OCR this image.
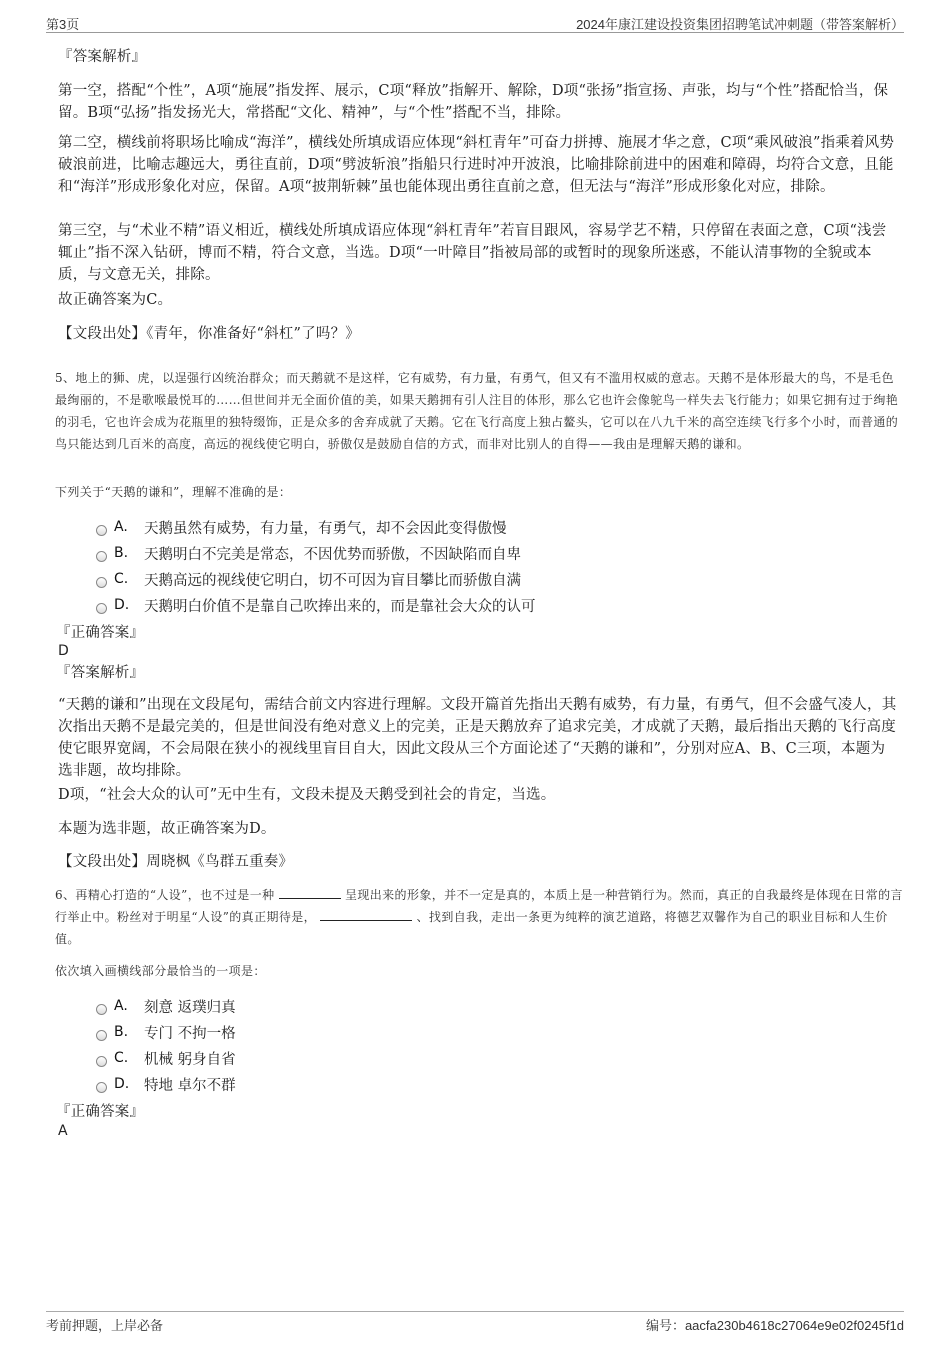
第3页	2024年康江建设投资集团招聘笔试冲刺题（带答案解析）
『答案解析』
第一空，搭配“个性”，A项“施展”指发挥、展示，C项“释放”指解开、解除，D项“张扬”指宣扬、声张，均与“个性”搭配恰当，保留。B项“弘扬”指发扬光大，常搭配“文化、精神”，与“个性”搭配不当，排除。
第二空，横线前将职场比喻成“海洋”，横线处所填成语应体现“斜杠青年”可奋力拼搏、施展才华之意，C项“乘风破浪”指乘着风势破浪前进，比喻志趣远大，勇往直前，D项“劈波斩浪”指船只行进时冲开波浪，比喻排除前进中的困难和障碍，均符合文意，且能和“海洋”形成形象化对应，保留。A项“披荆斩棘”虽也能体现出勇往直前之意，但无法与“海洋”形成形象化对应，排除。
第三空，与“术业不精”语义相近，横线处所填成语应体现“斜杠青年”若盲目跟风，容易学艺不精，只停留在表面之意，C项“浅尝辄止”指不深入钻研，博而不精，符合文意，当选。D项“一叶障目”指被局部的或暂时的现象所迷惑，不能认清事物的全貌或本质，与文意无关，排除。
故正确答案为C。
【文段出处】《青年，你准备好“斜杠”了吗？》
5、地上的狮、虎，以逞强行凶统治群众；而天鹅就不是这样，它有威势，有力量，有勇气，但又有不滥用权威的意志。天鹅不是体形最大的鸟，不是毛色最绚丽的，不是歌喉最悦耳的……但世间并无全面价值的美，如果天鹅拥有引人注目的体形，那么它也许会像鸵鸟一样失去飞行能力；如果它拥有过于绚艳的羽毛，它也许会成为花瓶里的独特缀饰，正是众多的舍弃成就了天鹅。它在飞行高度上独占鳌头，它可以在八九千米的高空连续飞行多个小时，而普通的鸟只能达到几百米的高度，高远的视线使它明白，骄傲仅是鼓励自信的方式，而非对比别人的自得——我由是理解天鹅的谦和。
下列关于“天鹅的谦和”，理解不准确的是：
A.	天鹅虽然有威势，有力量，有勇气，却不会因此变得傲慢
B.	天鹅明白不完美是常态，不因优势而骄傲，不因缺陷而自卑
C.	天鹅高远的视线使它明白，切不可因为盲目攀比而骄傲自满
D.	天鹅明白价值不是靠自己吹捧出来的，而是靠社会大众的认可
『正确答案』
D
『答案解析』
“天鹅的谦和”出现在文段尾句，需结合前文内容进行理解。文段开篇首先指出天鹅有威势，有力量，有勇气，但不会盛气凌人，其次指出天鹅不是最完美的，但是世间没有绝对意义上的完美，正是天鹅放弃了追求完美，才成就了天鹅，最后指出天鹅的飞行高度使它眼界宽阔，不会局限在狭小的视线里盲目自大，因此文段从三个方面论述了“天鹅的谦和”，分别对应A、B、C三项，本题为选非题，故均排除。
D项，“社会大众的认可”无中生有，文段未提及天鹅受到社会的肯定，当选。
本题为选非题，故正确答案为D。
【文段出处】周晓枫《鸟群五重奏》
6、再精心打造的“人设”，也不过是一种	呈现出来的形象，并不一定是真的，本质上是一种营销行为。然而，真正的自我最终是体现在日常的言行举止中。粉丝对于明星“人设”的真正期待是，	、找到自我，走出一条更为纯粹的演艺道路，将德艺双馨作为自己的职业目标和人生价值。
依次填入画横线部分最恰当的一项是：
A.	刻意 返璞归真
B.	专门 不拘一格
C.	机械 躬身自省
D.	特地 卓尔不群
『正确答案』
A
考前押题，上岸必备	编号：aacfa230b4618c27064e9e02f0245f1d
